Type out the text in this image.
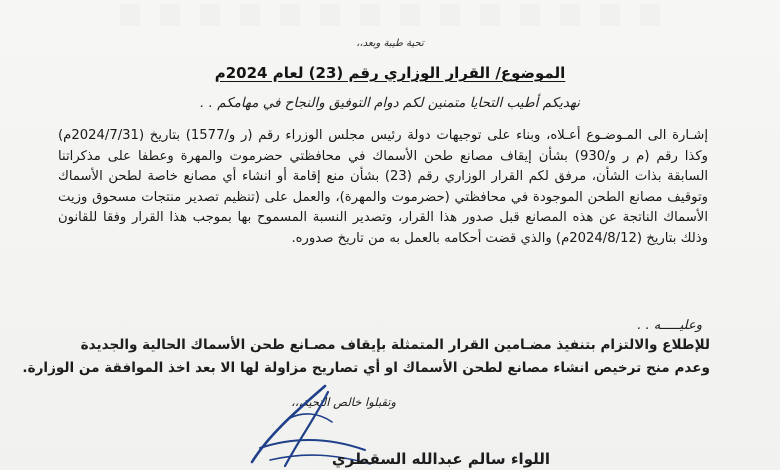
تحية طيبة وبعد،،
الموضوع/ القرار الوزاري رقم (23) لعام 2024م
نهديكم أطيب التحايا متمنين لكم دوام التوفيق والنجاح في مهامكم . .
إشـارة الى المـوضـوع أعـلاه، وبناء على توجيهات دولة رئيس مجلس الوزراء رقم (ر و/1577) بتاريخ (2024/7/31م) وكذا رقم (م ر و/930) بشأن إيقاف مصانع طحن الأسماك في محافظتي حضرموت والمهرة وعطفا على مذكراتنا السابقة بذات الشأن، مرفق لكم القرار الوزاري رقم (23) بشأن منع إقامة أو انشاء أي مصانع خاصة لطحن الأسماك وتوقيف مصانع الطحن الموجودة في محافظتي (حضرموت والمهرة)، والعمل على (تنظيم تصدير منتجات مسحوق وزيت الأسماك الناتجة عن هذه المصانع قبل صدور هذا القرار، وتصدير النسبة المسموح بها بموجب هذا القرار وفقا للقانون وذلك بتاريخ (2024/8/12م) والذي قضت أحكامه بالعمل به من تاريخ صدوره.
وعليـــــه . .
للإطلاع والالتزام بتنفيذ مضـامين القرار المتمثلة بإيقاف مصـانع طحن الأسماك الحالية والجديدة
وعدم منح ترخيص انشاء مصانع لطحن الأسماك او أي تصاريح مزاولة لها الا بعد اخذ الموافقة من الوزارة.
وتقبلوا خالص التحية،،،
اللواء سالم عبدالله السقطري
